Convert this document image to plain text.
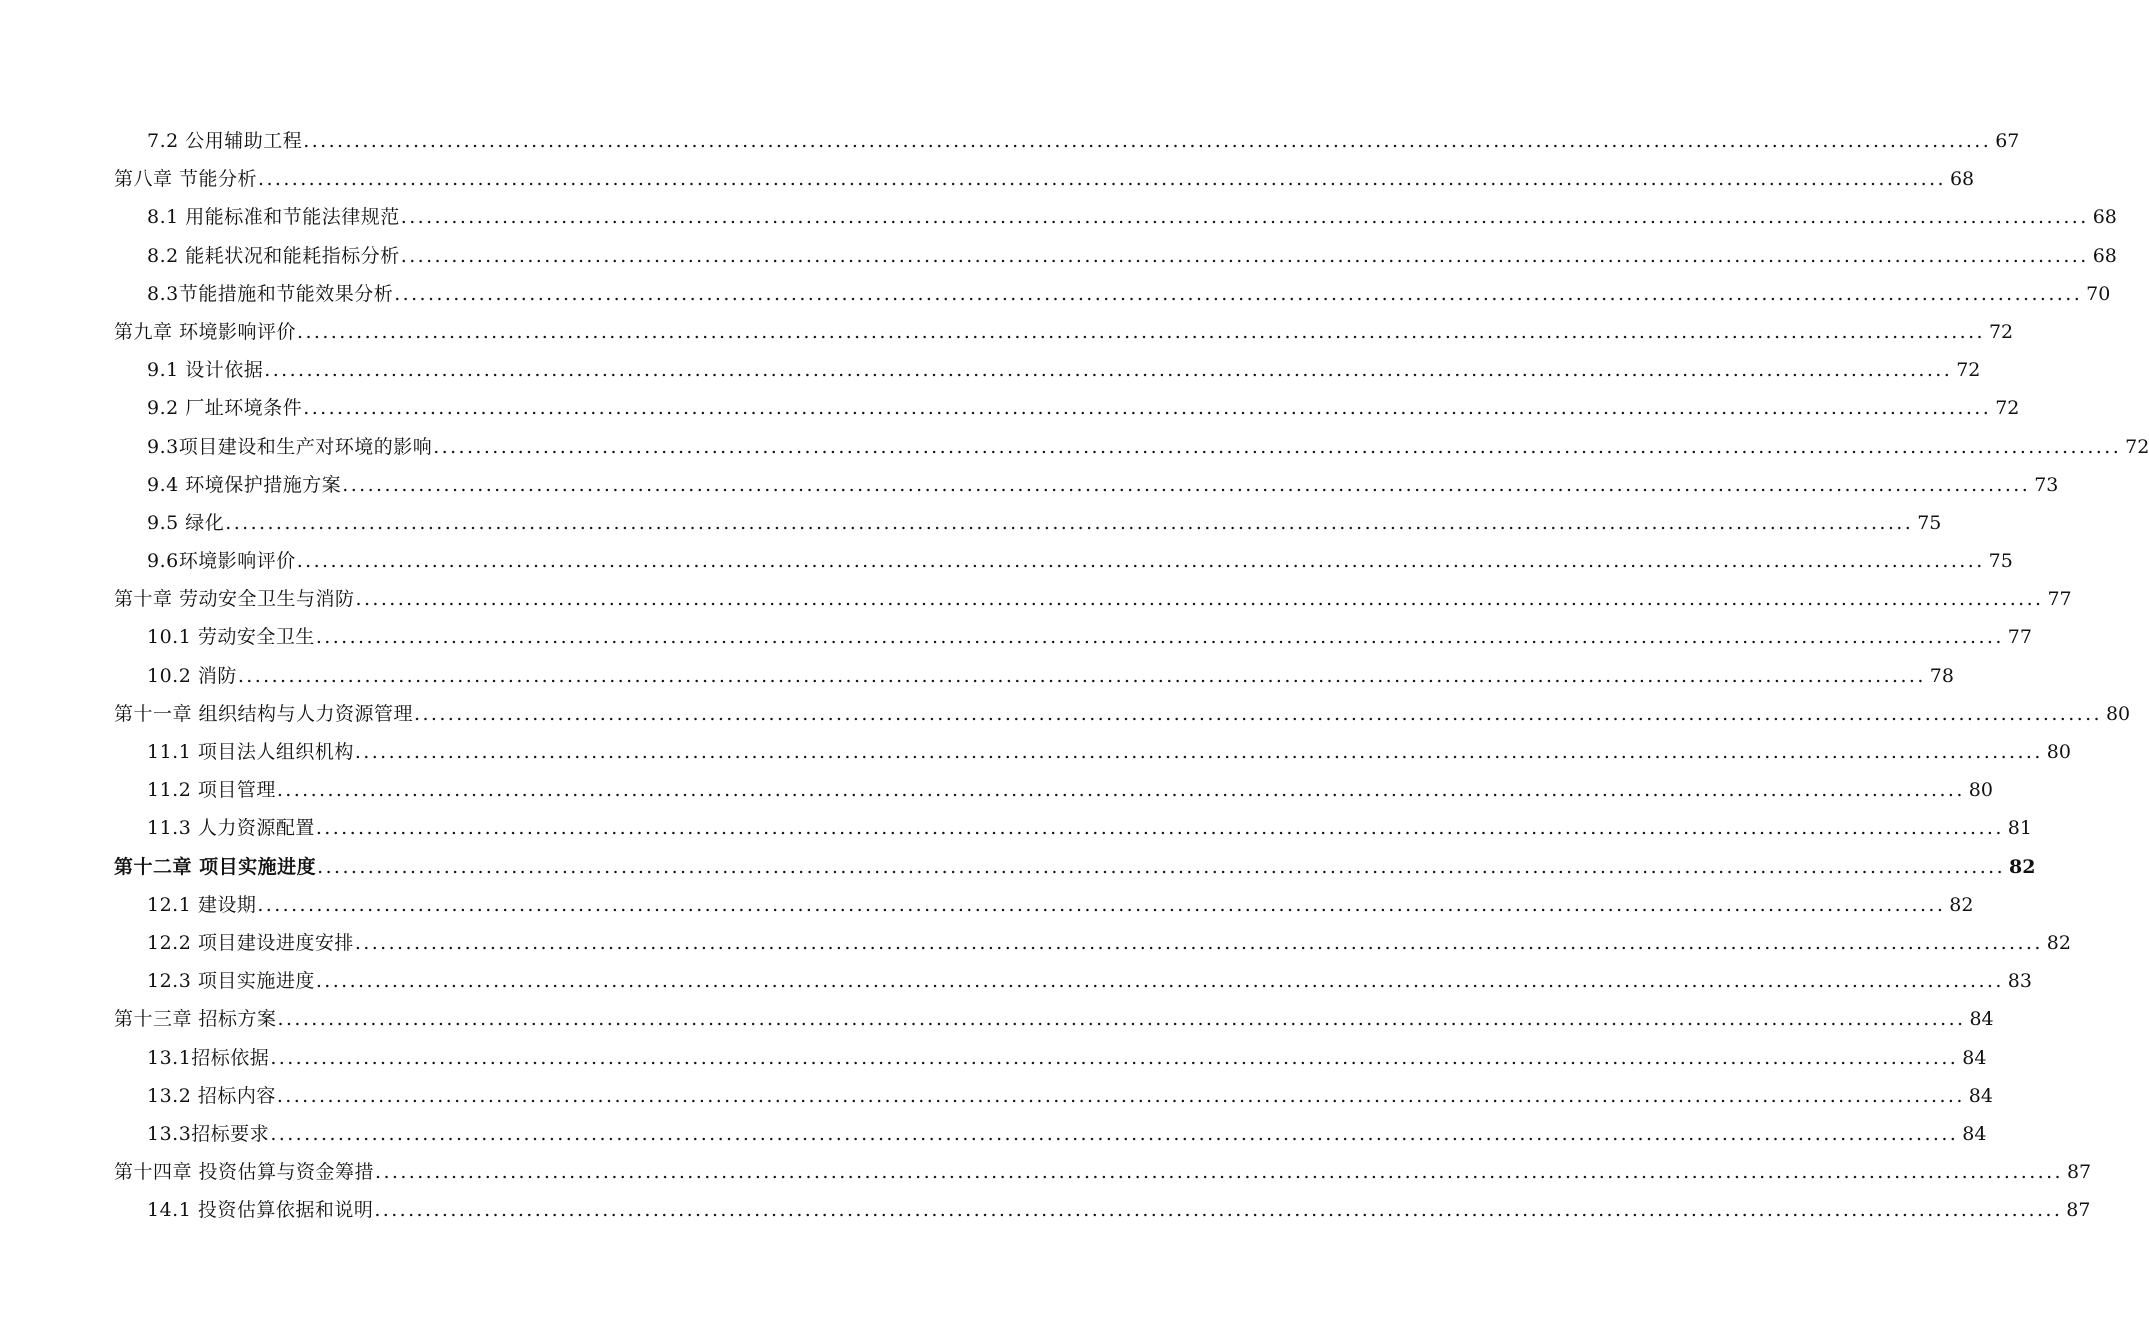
7.2 公用辅助工程 ........................................................................................................................................................................................................ 67
第八章 节能分析 ........................................................................................................................................................................................................ 68
8.1 用能标准和节能法律规范 ........................................................................................................................................................................................................ 68
8.2 能耗状况和能耗指标分析 ........................................................................................................................................................................................................ 68
8.3节能措施和节能效果分析 ........................................................................................................................................................................................................ 70
第九章 环境影响评价 ........................................................................................................................................................................................................ 72
9.1 设计依据 ........................................................................................................................................................................................................ 72
9.2 厂址环境条件 ........................................................................................................................................................................................................ 72
9.3项目建设和生产对环境的影响 ........................................................................................................................................................................................................ 72
9.4 环境保护措施方案 ........................................................................................................................................................................................................ 73
9.5 绿化 ........................................................................................................................................................................................................ 75
9.6环境影响评价 ........................................................................................................................................................................................................ 75
第十章 劳动安全卫生与消防 ........................................................................................................................................................................................................ 77
10.1 劳动安全卫生 ........................................................................................................................................................................................................ 77
10.2 消防 ........................................................................................................................................................................................................ 78
第十一章 组织结构与人力资源管理 ........................................................................................................................................................................................................ 80
11.1 项目法人组织机构 ........................................................................................................................................................................................................ 80
11.2 项目管理 ........................................................................................................................................................................................................ 80
11.3 人力资源配置 ........................................................................................................................................................................................................ 81
第十二章 项目实施进度 ........................................................................................................................................................................................................ 82
12.1 建设期 ........................................................................................................................................................................................................ 82
12.2 项目建设进度安排 ........................................................................................................................................................................................................ 82
12.3 项目实施进度 ........................................................................................................................................................................................................ 83
第十三章 招标方案 ........................................................................................................................................................................................................ 84
13.1招标依据 ........................................................................................................................................................................................................ 84
13.2 招标内容 ........................................................................................................................................................................................................ 84
13.3招标要求 ........................................................................................................................................................................................................ 84
第十四章 投资估算与资金筹措 ........................................................................................................................................................................................................ 87
14.1 投资估算依据和说明 ........................................................................................................................................................................................................ 87
